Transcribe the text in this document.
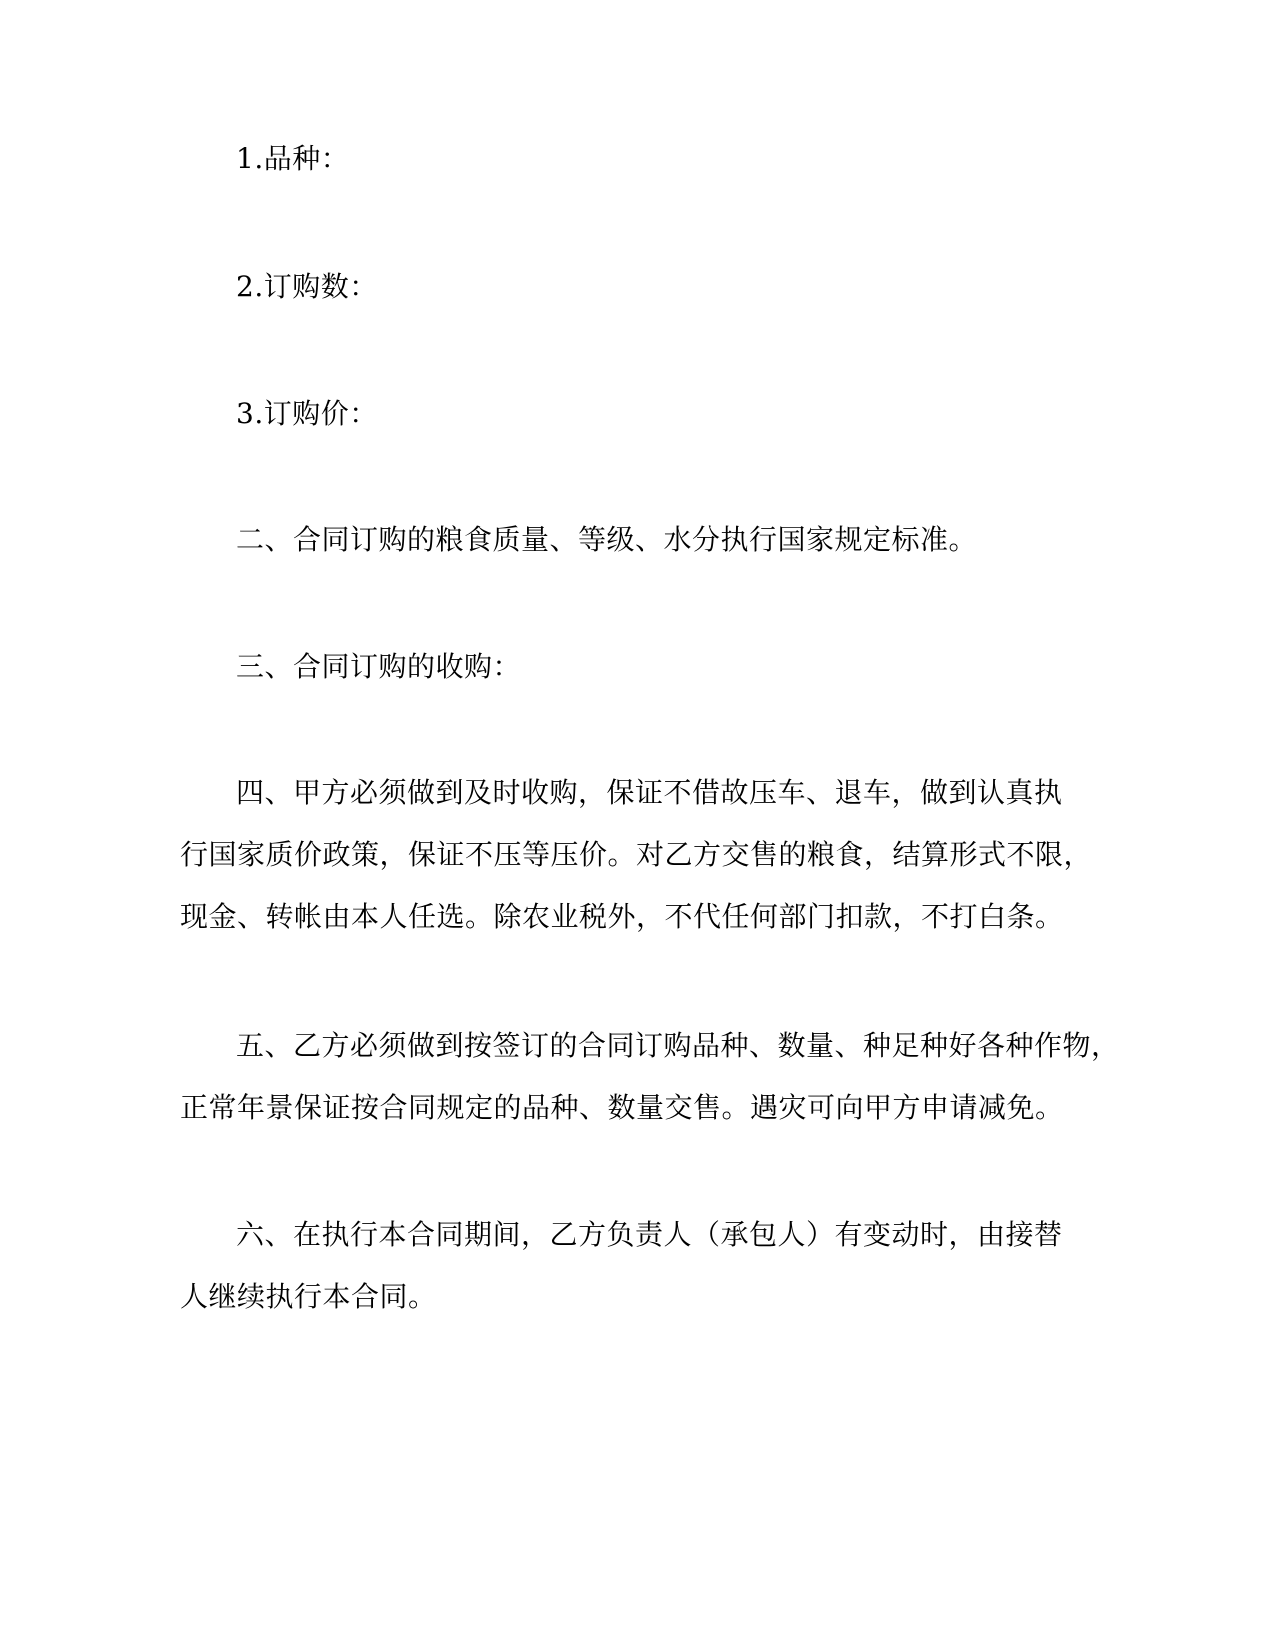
1.品种：

2.订购数：

3.订购价：

二、合同订购的粮食质量、等级、水分执行国家规定标准。

三、合同订购的收购：

四、甲方必须做到及时收购，保证不借故压车、退车，做到认真执
行国家质价政策，保证不压等压价。对乙方交售的粮食，结算形式不限，
现金、转帐由本人任选。除农业税外，不代任何部门扣款，不打白条。
五、乙方必须做到按签订的合同订购品种、数量、种足种好各种作物，
正常年景保证按合同规定的品种、数量交售。遇灾可向甲方申请减免。
六、在执行本合同期间，乙方负责人（承包人）有变动时，由接替
人继续执行本合同。
